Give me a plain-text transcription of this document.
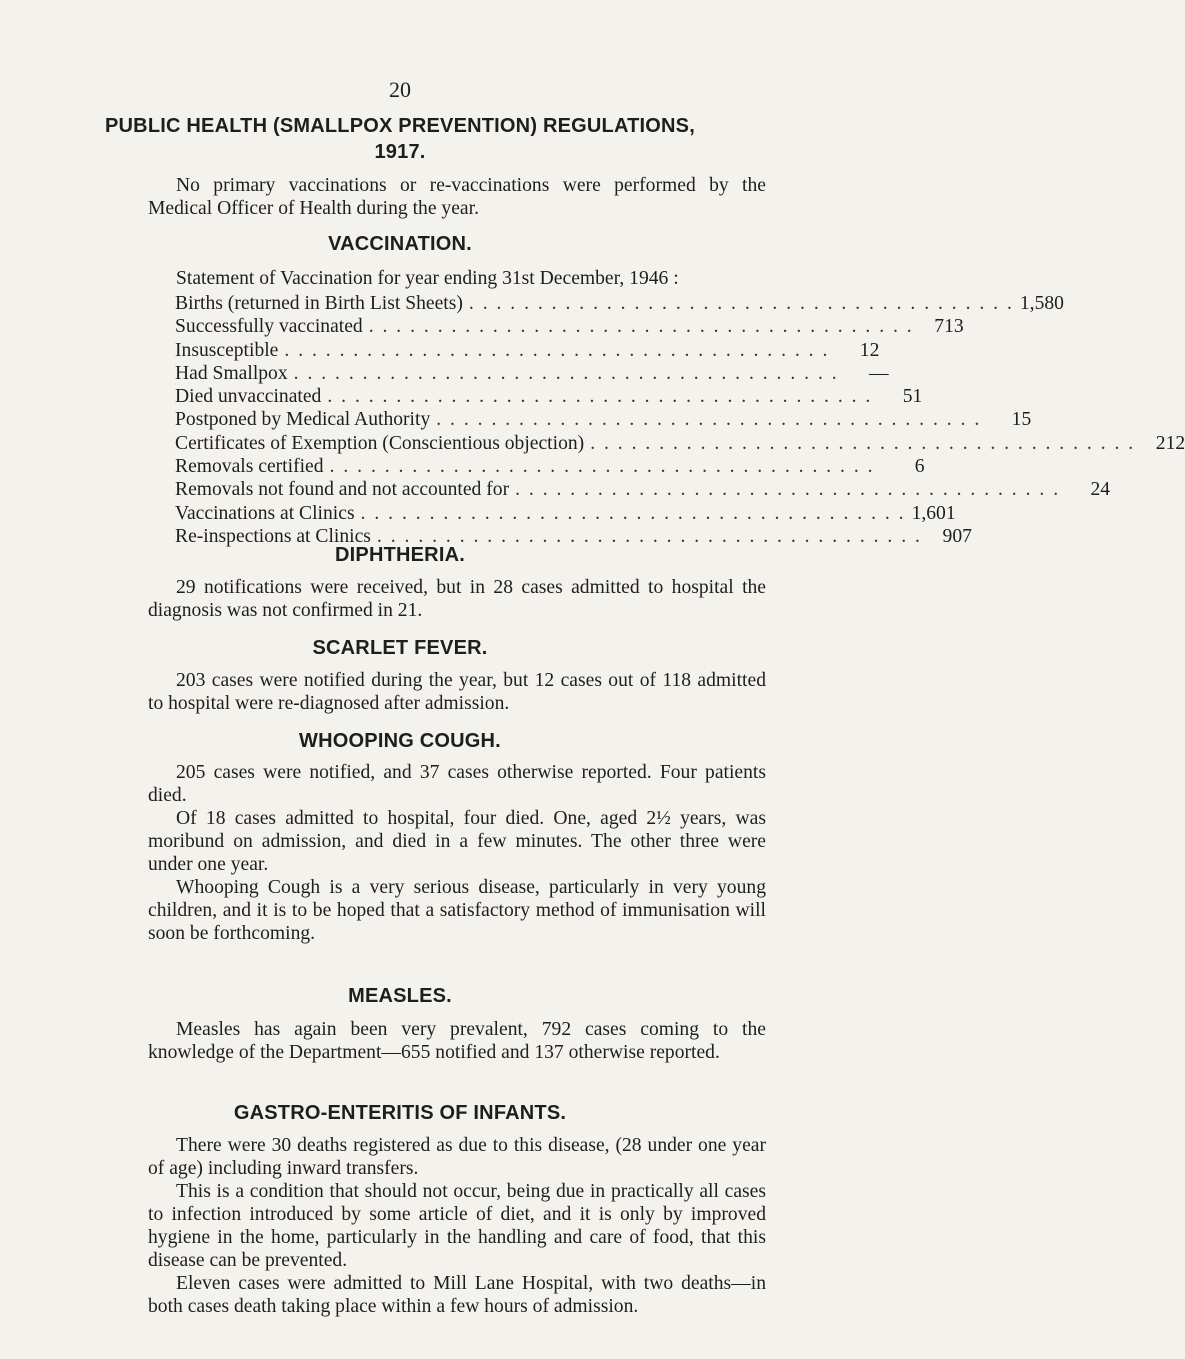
20
PUBLIC HEALTH (SMALLPOX PREVENTION) REGULATIONS,
1917.

No primary vaccinations or re-vaccinations were performed by the Medical Officer of Health during the year.

VACCINATION.
Statement of Vaccination for year ending 31st December, 1946 :
Births (returned in Birth List Sheets) . . . . . . . . . . . . . . . . . . . . . . . . . . . . . . . . . . . . . . . . 1,580
Successfully vaccinated . . . . . . . . . . . . . . . . . . . . . . . . . . . . . . . . . . . . . . . .	713
Insusceptible . . . . . . . . . . . . . . . . . . . . . . . . . . . . . . . . . . . . . . . .	12
Had Smallpox . . . . . . . . . . . . . . . . . . . . . . . . . . . . . . . . . . . . . . . .	—
Died unvaccinated . . . . . . . . . . . . . . . . . . . . . . . . . . . . . . . . . . . . . . . .	51
Postponed by Medical Authority . . . . . . . . . . . . . . . . . . . . . . . . . . . . . . . . . . . . . . . .	15
Certificates of Exemption (Conscientious objection) . . . . . . . . . . . . . . . . . . . . . . . . . . . . . . . . . . . . . . . .	212
Removals certified . . . . . . . . . . . . . . . . . . . . . . . . . . . . . . . . . . . . . . . .	6
Removals not found and not accounted for . . . . . . . . . . . . . . . . . . . . . . . . . . . . . . . . . . . . . . . .	24
Vaccinations at Clinics . . . . . . . . . . . . . . . . . . . . . . . . . . . . . . . . . . . . . . . . 1,601
Re-inspections at Clinics . . . . . . . . . . . . . . . . . . . . . . . . . . . . . . . . . . . . . . . .	907
DIPHTHERIA.

29 notifications were received, but in 28 cases admitted to hospital the diagnosis was not confirmed in 21.

SCARLET FEVER.

203 cases were notified during the year, but 12 cases out of 118 admitted to hospital were re-diagnosed after admission.

WHOOPING COUGH.

205 cases were notified, and 37 cases otherwise reported. Four patients died.

Of 18 cases admitted to hospital, four died. One, aged 2½ years, was moribund on admission, and died in a few minutes. The other three were under one year.

Whooping Cough is a very serious disease, particularly in very young children, and it is to be hoped that a satisfactory method of immunisation will soon be forthcoming.

MEASLES.

Measles has again been very prevalent, 792 cases coming to the knowledge of the Department—655 notified and 137 otherwise reported.

GASTRO-ENTERITIS OF INFANTS.

There were 30 deaths registered as due to this disease, (28 under one year of age) including inward transfers.

This is a condition that should not occur, being due in practically all cases to infection introduced by some article of diet, and it is only by improved hygiene in the home, particularly in the handling and care of food, that this disease can be prevented.

Eleven cases were admitted to Mill Lane Hospital, with two deaths—in both cases death taking place within a few hours of admission.
